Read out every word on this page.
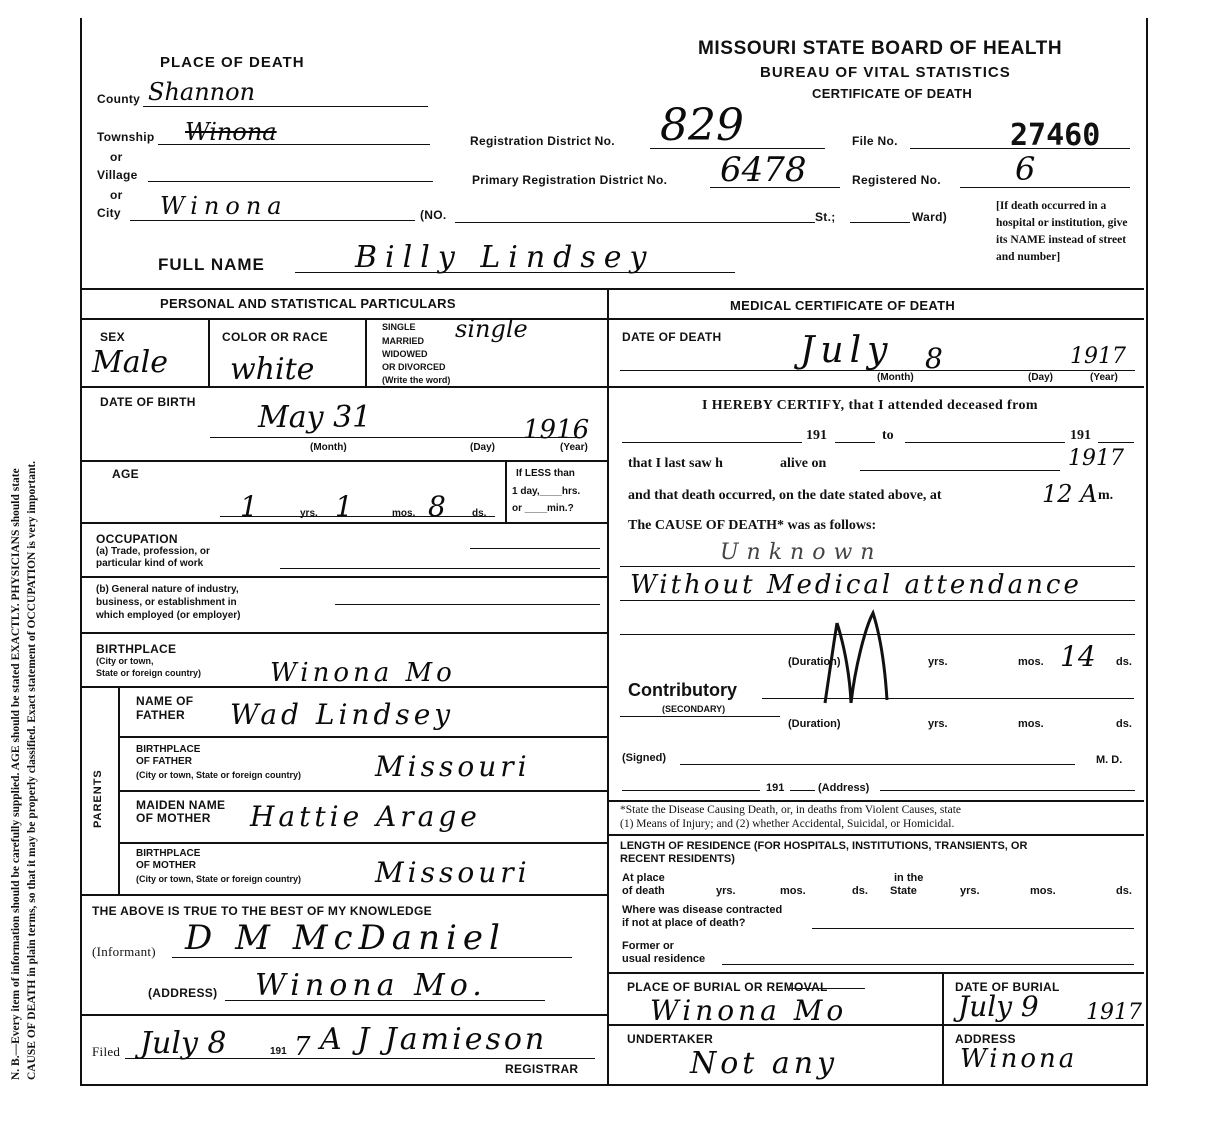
N. B.—Every item of information should be carefully supplied. AGE should be stated EXACTLY. PHYSICIANS should state CAUSE OF DEATH in plain terms, so that it may be properly classified. Exact statement of OCCUPATION is very important.
MISSOURI STATE BOARD OF HEALTH
BUREAU OF VITAL STATISTICS
CERTIFICATE OF DEATH
PLACE OF DEATH
County Shannon
Township Winona
or
Village
or
City Winona	(NO.	St.;	Ward)
Registration District No. 829	File No.	27460
Primary Registration District No. 6478	Registered No. 6
[If death occurred in a hospital or institution, give its NAME instead of street and number]
FULL NAME	Billy Lindsey
PERSONAL AND STATISTICAL PARTICULARS
SEX
Male
COLOR OR RACE
white
SINGLE
MARRIED
WIDOWED
OR DIVORCED
(Write the word)
single
DATE OF BIRTH May 31	1916
(Month)	(Day)	(Year)
AGE
1	yrs. 1	mos. 8	ds.
If LESS than
1 day,____hrs.
or ____min.?
OCCUPATION
(a) Trade, profession, or
particular kind of work
(b) General nature of industry,
business, or establishment in
which employed (or employer)
BIRTHPLACE
(City or town,
State or foreign country)	Winona Mo
PARENTS
NAME OF
FATHER Wad Lindsey
BIRTHPLACE
OF FATHER
(City or town, State or foreign country)	Missouri
MAIDEN NAME
OF MOTHER Hattie Arage
BIRTHPLACE
OF MOTHER
(City or town, State or foreign country)	Missouri
THE ABOVE IS TRUE TO THE BEST OF MY KNOWLEDGE
(Informant) D M McDaniel
(ADDRESS) Winona Mo.
Filed July 8	191 7 A J Jamieson
REGISTRAR
MEDICAL CERTIFICATE OF DEATH
DATE OF DEATH July 8	1917
(Month)	(Day)	(Year)
I HEREBY CERTIFY, that I attended deceased from
191	to	191
that I last saw h	alive on	1917
and that death occurred, on the date stated above, at	12 A m.
The CAUSE OF DEATH* was as follows:
Unknown
Without Medical attendance
(Duration)	yrs.	mos. 14 ds.
Contributory
(SECONDARY)
(Duration)	yrs.	mos.	ds.
(Signed)	M. D.
191	(Address)
*State the Disease Causing Death, or, in deaths from Violent Causes, state
(1) Means of Injury; and (2) whether Accidental, Suicidal, or Homicidal.
LENGTH OF RESIDENCE (FOR HOSPITALS, INSTITUTIONS, TRANSIENTS, OR
RECENT RESIDENTS)
At place
of death	yrs.	mos.	ds.
in the
State	yrs.	mos.	ds.
Where was disease contracted
if not at place of death?
Former or
usual residence
PLACE OF BURIAL OR REMOVAL
Winona Mo
DATE OF BURIAL
July 9 1917
UNDERTAKER
Not any
ADDRESS
Winona
